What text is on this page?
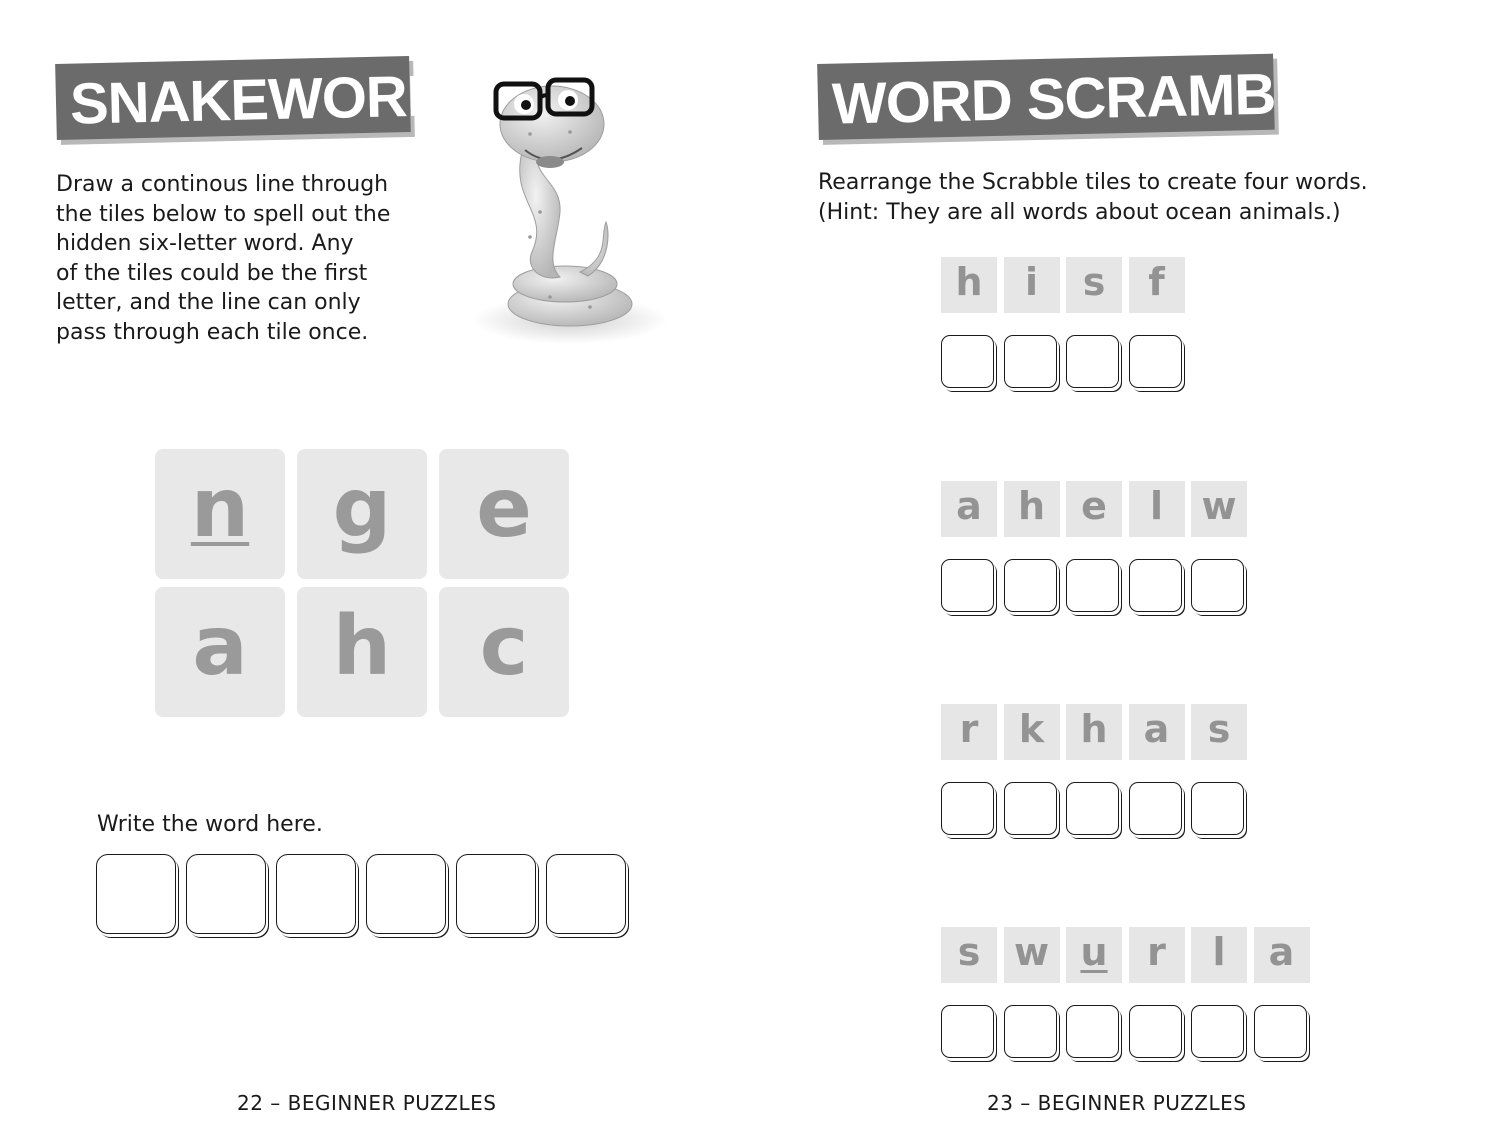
SNAKEWORD
Draw a continous line through
the tiles below to spell out the
hidden six-letter word. Any
of the tiles could be the first
letter, and the line can only
pass through each tile once.
n g e
a h c
Write the word here.
22 – BEGINNER PUZZLES
WORD SCRAMBLE
Rearrange the Scrabble tiles to create four words.
(Hint: They are all words about ocean animals.)
h i s f
a h e l w
r k h a s
s w u r l a
23 – BEGINNER PUZZLES
